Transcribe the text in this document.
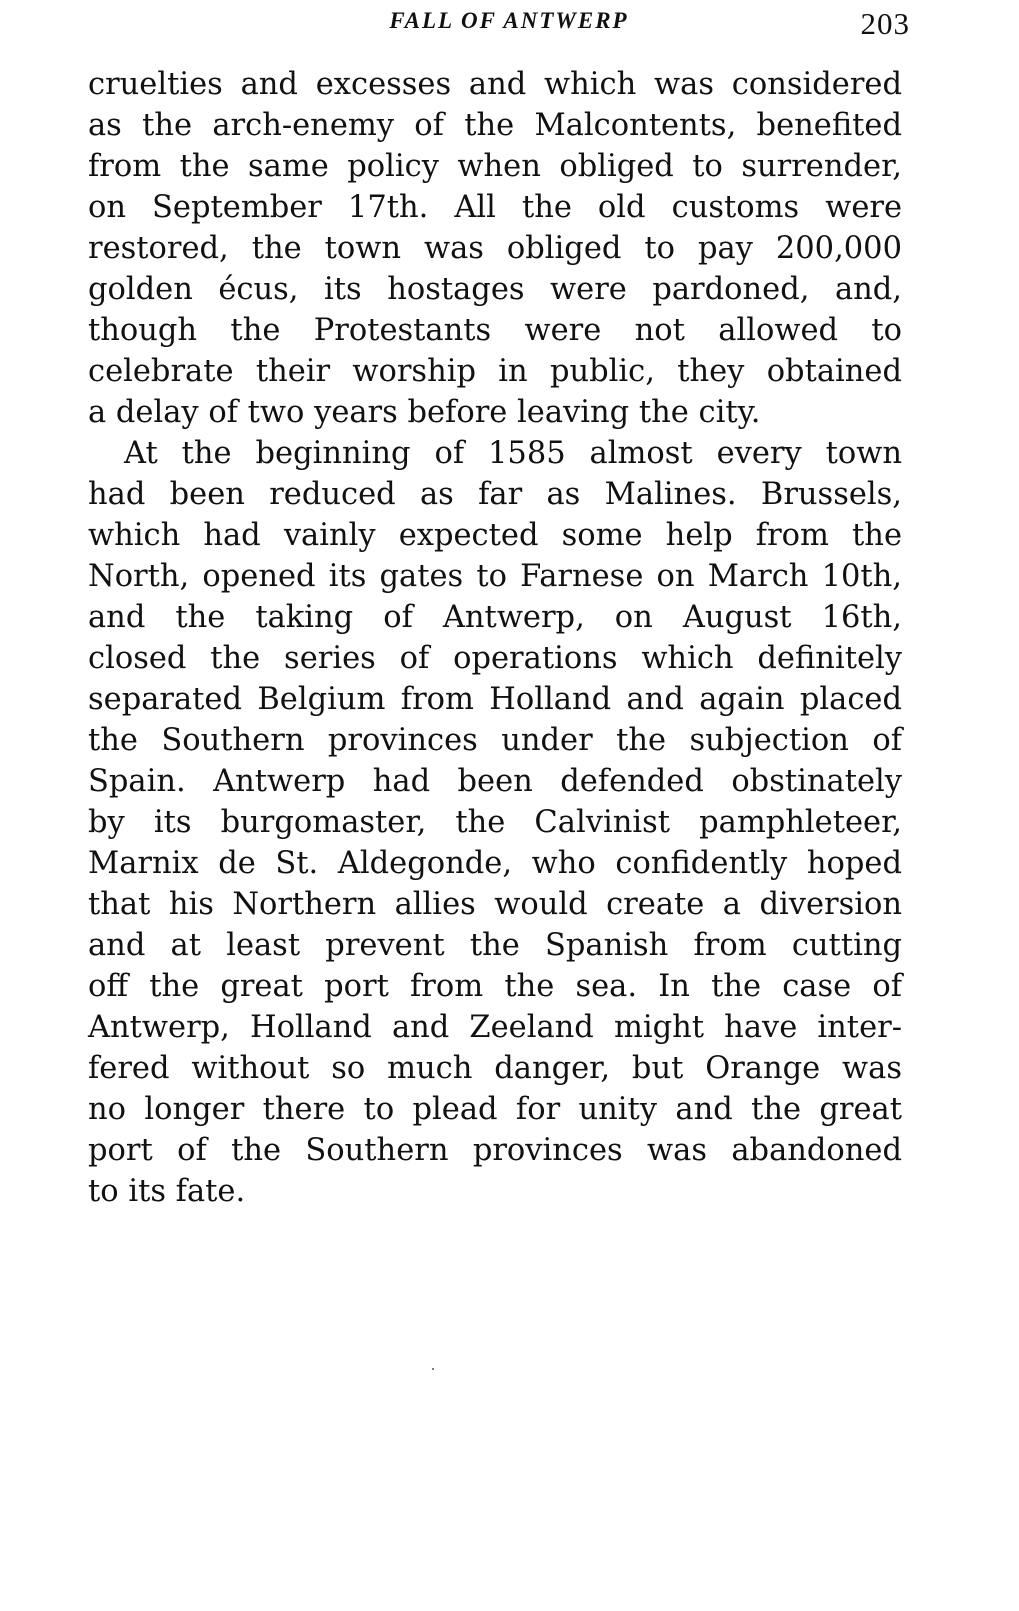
FALL OF ANTWERP	203
cruelties and excesses and which was considered
as the arch-enemy of the Malcontents, benefited
from the same policy when obliged to surrender,
on September 17th. All the old customs were
restored, the town was obliged to pay 200,000
golden écus, its hostages were pardoned, and,
though the Protestants were not allowed to
celebrate their worship in public, they obtained
a delay of two years before leaving the city.
At the beginning of 1585 almost every town
had been reduced as far as Malines. Brussels,
which had vainly expected some help from the
North, opened its gates to Farnese on March 10th,
and the taking of Antwerp, on August 16th,
closed the series of operations which definitely
separated Belgium from Holland and again placed
the Southern provinces under the subjection of
Spain. Antwerp had been defended obstinately
by its burgomaster, the Calvinist pamphleteer,
Marnix de St. Aldegonde, who confidently hoped
that his Northern allies would create a diversion
and at least prevent the Spanish from cutting
off the great port from the sea. In the case of
Antwerp, Holland and Zeeland might have inter-
fered without so much danger, but Orange was
no longer there to plead for unity and the great
port of the Southern provinces was abandoned
to its fate.
